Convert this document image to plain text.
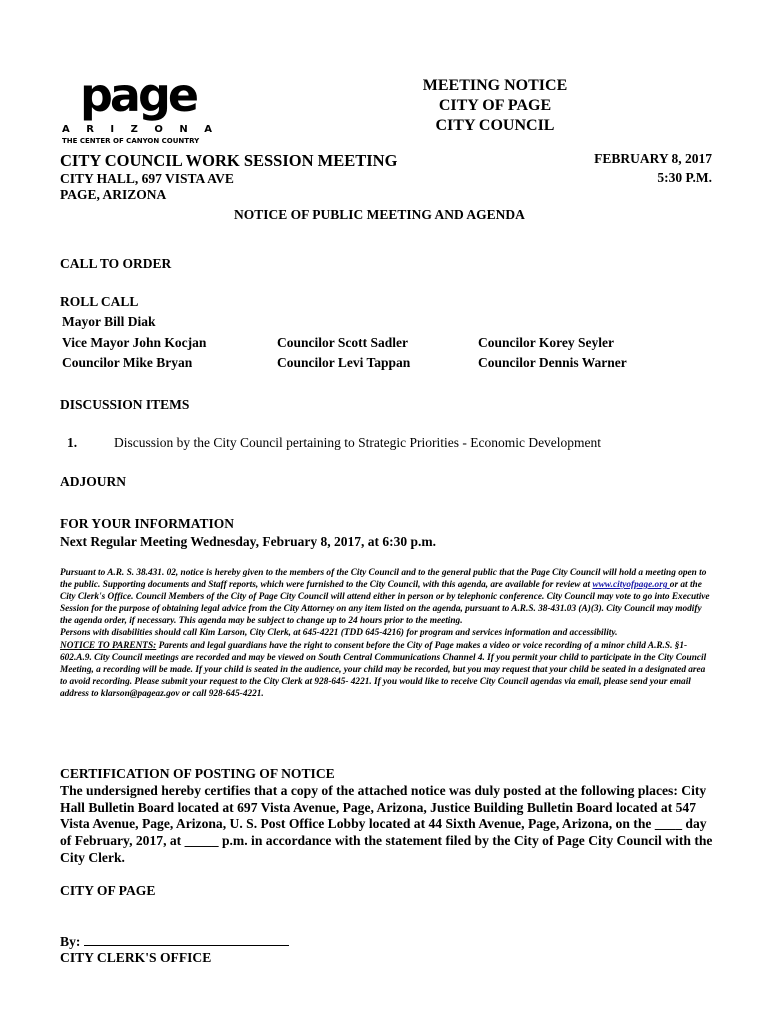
page
A R I Z O N A
THE CENTER OF CANYON COUNTRY
MEETING NOTICE
CITY OF PAGE
CITY COUNCIL
CITY COUNCIL WORK SESSION MEETING	FEBRUARY 8, 2017
CITY HALL, 697 VISTA AVE	5:30 P.M.
PAGE, ARIZONA
NOTICE OF PUBLIC MEETING AND AGENDA
CALL TO ORDER
ROLL CALL
Mayor Bill Diak
Vice Mayor John Kocjan	Councilor Scott Sadler	Councilor Korey Seyler
Councilor Mike Bryan	Councilor Levi Tappan	Councilor Dennis Warner
DISCUSSION ITEMS
1.	Discussion by the City Council pertaining to Strategic Priorities - Economic Development
ADJOURN
FOR YOUR INFORMATION
Next Regular Meeting Wednesday, February 8, 2017, at 6:30 p.m.

Pursuant to A.R. S. 38.431. 02, notice is hereby given to the members of the City Council and to the general public that the Page City Council will hold a meeting open to the public. Supporting documents and Staff reports, which were furnished to the City Council, with this agenda, are available for review at www.cityofpage.org or at the City Clerk's Office. Council Members of the City of Page City Council will attend either in person or by telephonic conference. City Council may vote to go into Executive Session for the purpose of obtaining legal advice from the City Attorney on any item listed on the agenda, pursuant to A.R.S. 38-431.03 (A)(3). City Council may modify the agenda order, if necessary. This agenda may be subject to change up to 24 hours prior to the meeting.

Persons with disabilities should call Kim Larson, City Clerk, at 645-4221 (TDD 645-4216) for program and services information and accessibility.

NOTICE TO PARENTS: Parents and legal guardians have the right to consent before the City of Page makes a video or voice recording of a minor child A.R.S. §1-602.A.9. City Council meetings are recorded and may be viewed on South Central Communications Channel 4. If you permit your child to participate in the City Council Meeting, a recording will be made. If your child is seated in the audience, your child may be recorded, but you may request that your child be seated in a designated area to avoid recording. Please submit your request to the City Clerk at 928-645- 4221. If you would like to receive City Council agendas via email, please send your email address to klarson@pageaz.gov or call 928-645-4221.

CERTIFICATION OF POSTING OF NOTICE

The undersigned hereby certifies that a copy of the attached notice was duly posted at the following places: City Hall Bulletin Board located at 697 Vista Avenue, Page, Arizona, Justice Building Bulletin Board located at 547 Vista Avenue, Page, Arizona, U. S. Post Office Lobby located at 44 Sixth Avenue, Page, Arizona, on the ____ day of February, 2017, at _____ p.m. in accordance with the statement filed by the City of Page City Council with the City Clerk.

CITY OF PAGE
By:
CITY CLERK'S OFFICE
